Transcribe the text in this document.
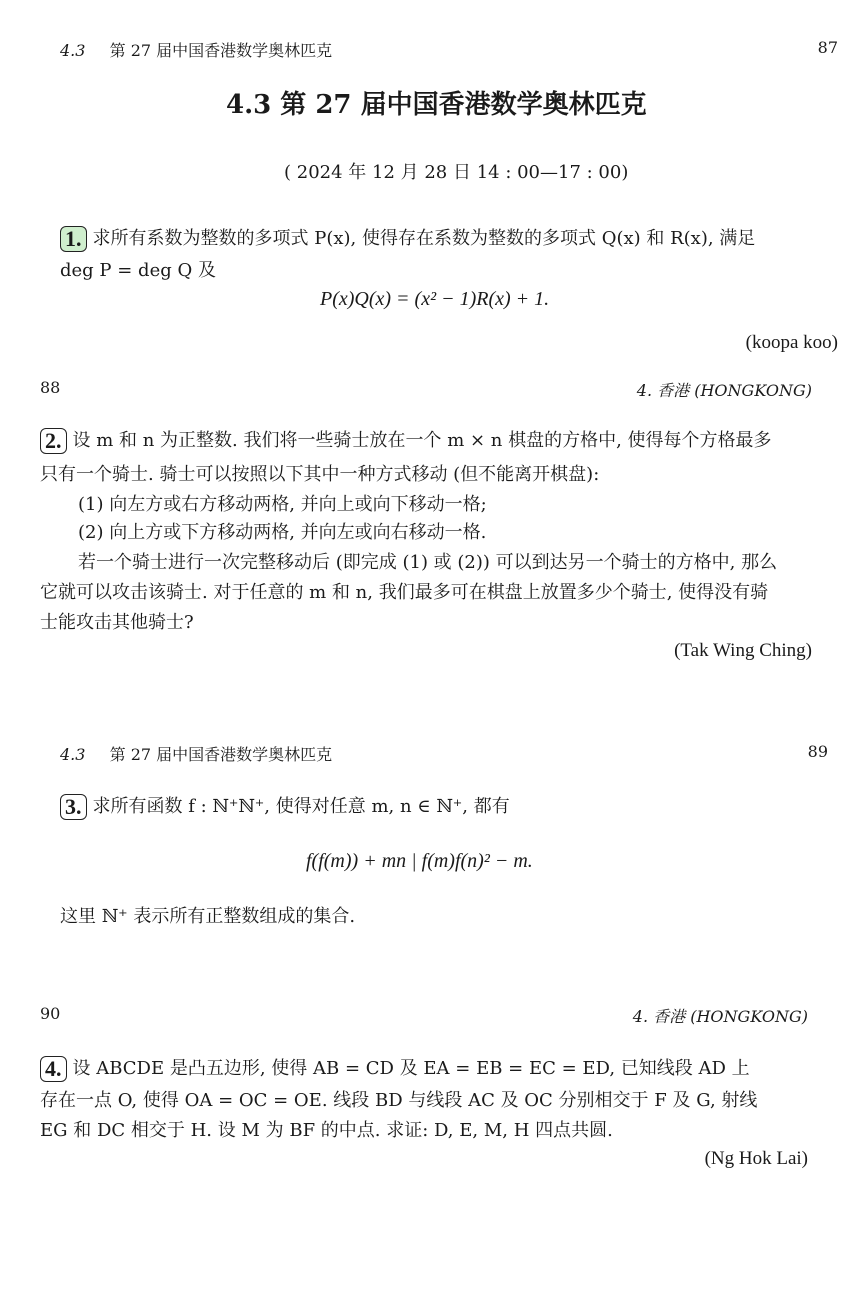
4.3 第 27 届中国香港数学奥林匹克	87
4.3 第 27 届中国香港数学奥林匹克
( 2024 年 12 月 28 日 14 : 00—17 : 00)
1. 求所有系数为整数的多项式 P(x), 使得存在系数为整数的多项式 Q(x) 和 R(x), 满足
deg P = deg Q 及
P(x)Q(x) = (x² − 1)R(x) + 1.
(koopa koo)
88	4. 香港 (HONGKONG)
2. 设 m 和 n 为正整数. 我们将一些骑士放在一个 m × n 棋盘的方格中, 使得每个方格最多
只有一个骑士. 骑士可以按照以下其中一种方式移动 (但不能离开棋盘):
(1) 向左方或右方移动两格, 并向上或向下移动一格;
(2) 向上方或下方移动两格, 并向左或向右移动一格.
若一个骑士进行一次完整移动后 (即完成 (1) 或 (2)) 可以到达另一个骑士的方格中, 那么
它就可以攻击该骑士. 对于任意的 m 和 n, 我们最多可在棋盘上放置多少个骑士, 使得没有骑
士能攻击其他骑士?
(Tak Wing Ching)
4.3 第 27 届中国香港数学奥林匹克	89
3. 求所有函数 f : ℕ⁺ℕ⁺, 使得对任意 m, n ∈ ℕ⁺, 都有
f(f(m)) + mn | f(m)f(n)² − m.
这里 ℕ⁺ 表示所有正整数组成的集合.
90	4. 香港 (HONGKONG)
4. 设 ABCDE 是凸五边形, 使得 AB = CD 及 EA = EB = EC = ED, 已知线段 AD 上
存在一点 O, 使得 OA = OC = OE. 线段 BD 与线段 AC 及 OC 分别相交于 F 及 G, 射线
EG 和 DC 相交于 H. 设 M 为 BF 的中点. 求证: D, E, M, H 四点共圆.
(Ng Hok Lai)
